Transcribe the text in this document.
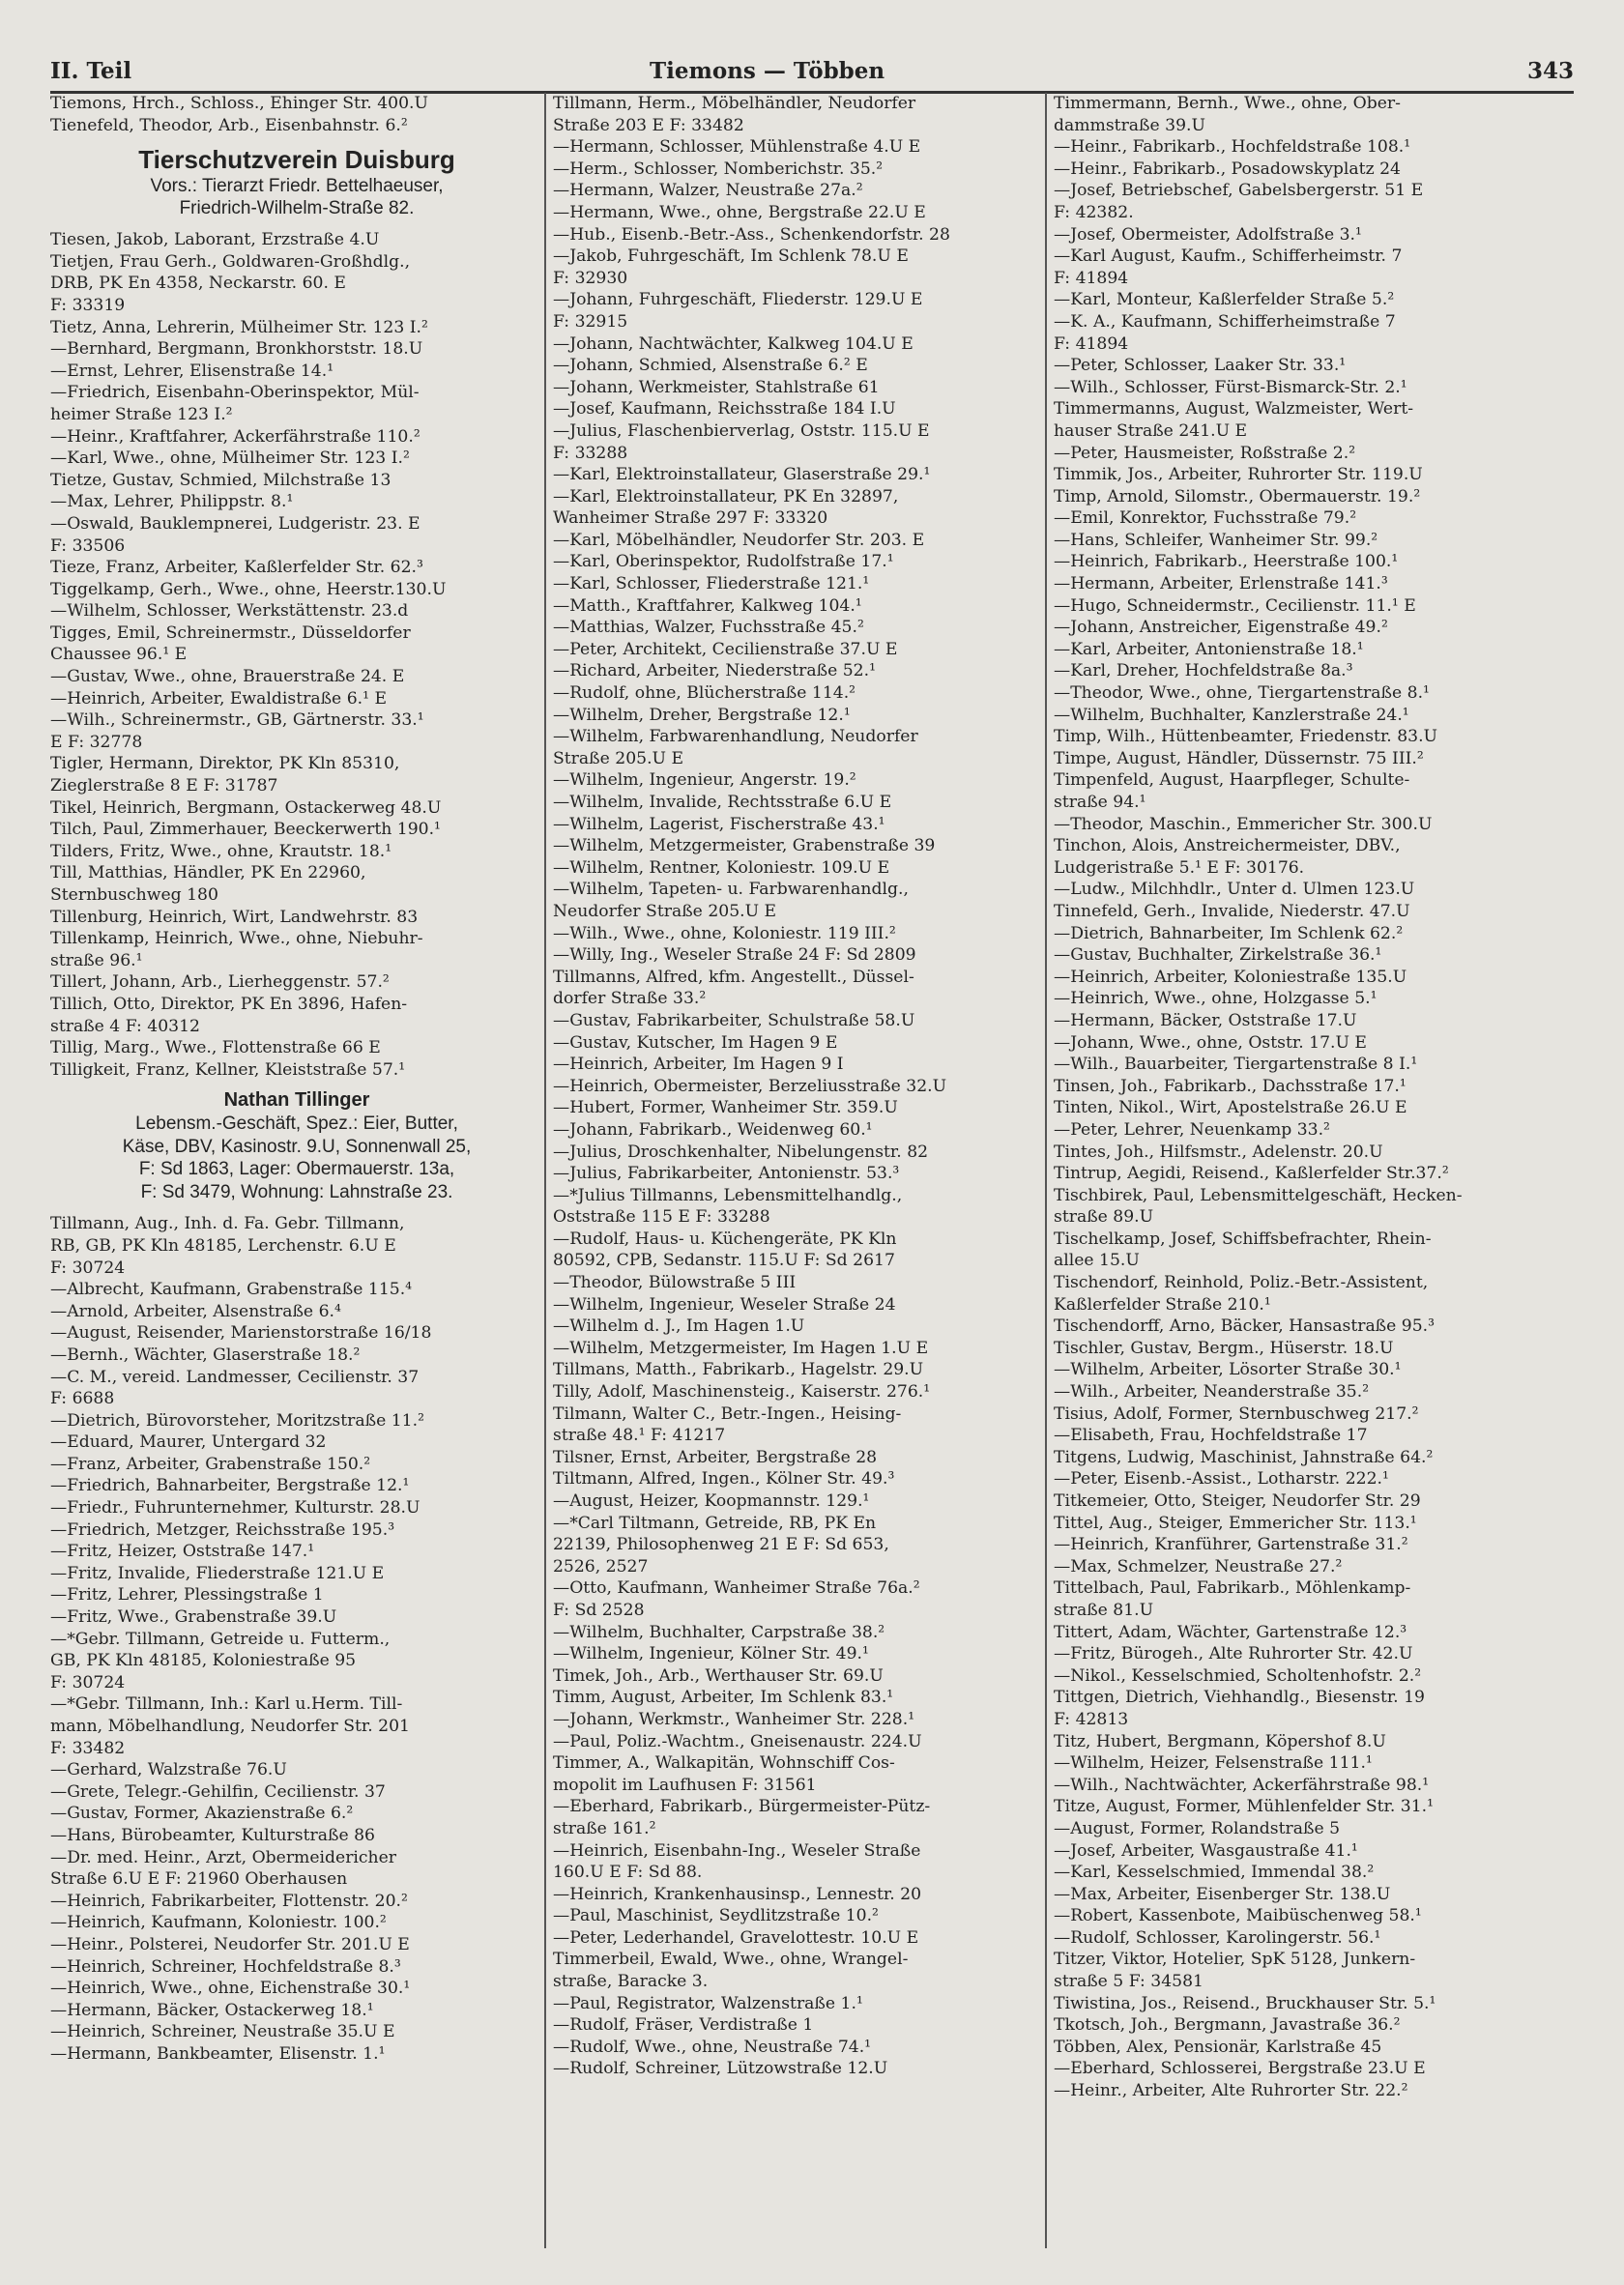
II. Teil	Tiemons — Többen	343
Tiemons, Hrch., Schloss., Ehinger Str. 400.U
Tienefeld, Theodor, Arb., Eisenbahnstr. 6.²
Tierschutzverein Duisburg
Vors.: Tierarzt Friedr. Bettelhaeuser,
Friedrich-Wilhelm-Straße 82.
Tiesen, Jakob, Laborant, Erzstraße 4.U
Tietjen, Frau Gerh., Goldwaren-Großhdlg.,
DRB, PK En 4358, Neckarstr. 60. E
F: 33319
Tietz, Anna, Lehrerin, Mülheimer Str. 123 I.²
—Bernhard, Bergmann, Bronkhorststr. 18.U
—Ernst, Lehrer, Elisenstraße 14.¹
—Friedrich, Eisenbahn-Oberinspektor, Mül-
heimer Straße 123 I.²
—Heinr., Kraftfahrer, Ackerfährstraße 110.²
—Karl, Wwe., ohne, Mülheimer Str. 123 I.²
Tietze, Gustav, Schmied, Milchstraße 13
—Max, Lehrer, Philippstr. 8.¹
—Oswald, Bauklempnerei, Ludgeristr. 23. E
F: 33506
Tieze, Franz, Arbeiter, Kaßlerfelder Str. 62.³
Tiggelkamp, Gerh., Wwe., ohne, Heerstr.130.U
—Wilhelm, Schlosser, Werkstättenstr. 23.d
Tigges, Emil, Schreinermstr., Düsseldorfer
Chaussee 96.¹ E
—Gustav, Wwe., ohne, Brauerstraße 24. E
—Heinrich, Arbeiter, Ewaldistraße 6.¹ E
—Wilh., Schreinermstr., GB, Gärtnerstr. 33.¹
E F: 32778
Tigler, Hermann, Direktor, PK Kln 85310,
Zieglerstraße 8 E F: 31787
Tikel, Heinrich, Bergmann, Ostackerweg 48.U
Tilch, Paul, Zimmerhauer, Beeckerwerth 190.¹
Tilders, Fritz, Wwe., ohne, Krautstr. 18.¹
Till, Matthias, Händler, PK En 22960,
Sternbuschweg 180
Tillenburg, Heinrich, Wirt, Landwehrstr. 83
Tillenkamp, Heinrich, Wwe., ohne, Niebuhr-
straße 96.¹
Tillert, Johann, Arb., Lierheggenstr. 57.²
Tillich, Otto, Direktor, PK En 3896, Hafen-
straße 4 F: 40312
Tillig, Marg., Wwe., Flottenstraße 66 E
Tilligkeit, Franz, Kellner, Kleiststraße 57.¹
Nathan Tillinger
Lebensm.-Geschäft, Spez.: Eier, Butter,
Käse, DBV, Kasinostr. 9.U, Sonnenwall 25,
F: Sd 1863, Lager: Obermauerstr. 13a,
F: Sd 3479, Wohnung: Lahnstraße 23.
Tillmann, Aug., Inh. d. Fa. Gebr. Tillmann,
RB, GB, PK Kln 48185, Lerchenstr. 6.U E
F: 30724
—Albrecht, Kaufmann, Grabenstraße 115.⁴
—Arnold, Arbeiter, Alsenstraße 6.⁴
—August, Reisender, Marienstorstraße 16/18
—Bernh., Wächter, Glaserstraße 18.²
—C. M., vereid. Landmesser, Cecilienstr. 37
F: 6688
—Dietrich, Bürovorsteher, Moritzstraße 11.²
—Eduard, Maurer, Untergard 32
—Franz, Arbeiter, Grabenstraße 150.²
—Friedrich, Bahnarbeiter, Bergstraße 12.¹
—Friedr., Fuhrunternehmer, Kulturstr. 28.U
—Friedrich, Metzger, Reichsstraße 195.³
—Fritz, Heizer, Oststraße 147.¹
—Fritz, Invalide, Fliederstraße 121.U E
—Fritz, Lehrer, Plessingstraße 1
—Fritz, Wwe., Grabenstraße 39.U
—*Gebr. Tillmann, Getreide u. Futterm.,
GB, PK Kln 48185, Koloniestraße 95
F: 30724
—*Gebr. Tillmann, Inh.: Karl u.Herm. Till-
mann, Möbelhandlung, Neudorfer Str. 201
F: 33482
—Gerhard, Walzstraße 76.U
—Grete, Telegr.-Gehilfin, Cecilienstr. 37
—Gustav, Former, Akazienstraße 6.²
—Hans, Bürobeamter, Kulturstraße 86
—Dr. med. Heinr., Arzt, Obermeidericher
Straße 6.U E F: 21960 Oberhausen
—Heinrich, Fabrikarbeiter, Flottenstr. 20.²
—Heinrich, Kaufmann, Koloniestr. 100.²
—Heinr., Polsterei, Neudorfer Str. 201.U E
—Heinrich, Schreiner, Hochfeldstraße 8.³
—Heinrich, Wwe., ohne, Eichenstraße 30.¹
—Hermann, Bäcker, Ostackerweg 18.¹
—Heinrich, Schreiner, Neustraße 35.U E
—Hermann, Bankbeamter, Elisenstr. 1.¹
Tillmann, Herm., Möbelhändler, Neudorfer
Straße 203 E F: 33482
—Hermann, Schlosser, Mühlenstraße 4.U E
—Herm., Schlosser, Nomberichstr. 35.²
—Hermann, Walzer, Neustraße 27a.²
—Hermann, Wwe., ohne, Bergstraße 22.U E
—Hub., Eisenb.-Betr.-Ass., Schenkendorfstr. 28
—Jakob, Fuhrgeschäft, Im Schlenk 78.U E
F: 32930
—Johann, Fuhrgeschäft, Fliederstr. 129.U E
F: 32915
—Johann, Nachtwächter, Kalkweg 104.U E
—Johann, Schmied, Alsenstraße 6.² E
—Johann, Werkmeister, Stahlstraße 61
—Josef, Kaufmann, Reichsstraße 184 I.U
—Julius, Flaschenbierverlag, Oststr. 115.U E
F: 33288
—Karl, Elektroinstallateur, Glaserstraße 29.¹
—Karl, Elektroinstallateur, PK En 32897,
Wanheimer Straße 297 F: 33320
—Karl, Möbelhändler, Neudorfer Str. 203. E
—Karl, Oberinspektor, Rudolfstraße 17.¹
—Karl, Schlosser, Fliederstraße 121.¹
—Matth., Kraftfahrer, Kalkweg 104.¹
—Matthias, Walzer, Fuchsstraße 45.²
—Peter, Architekt, Cecilienstraße 37.U E
—Richard, Arbeiter, Niederstraße 52.¹
—Rudolf, ohne, Blücherstraße 114.²
—Wilhelm, Dreher, Bergstraße 12.¹
—Wilhelm, Farbwarenhandlung, Neudorfer
Straße 205.U E
—Wilhelm, Ingenieur, Angerstr. 19.²
—Wilhelm, Invalide, Rechtsstraße 6.U E
—Wilhelm, Lagerist, Fischerstraße 43.¹
—Wilhelm, Metzgermeister, Grabenstraße 39
—Wilhelm, Rentner, Koloniestr. 109.U E
—Wilhelm, Tapeten- u. Farbwarenhandlg.,
Neudorfer Straße 205.U E
—Wilh., Wwe., ohne, Koloniestr. 119 III.²
—Willy, Ing., Weseler Straße 24 F: Sd 2809
Tillmanns, Alfred, kfm. Angestellt., Düssel-
dorfer Straße 33.²
—Gustav, Fabrikarbeiter, Schulstraße 58.U
—Gustav, Kutscher, Im Hagen 9 E
—Heinrich, Arbeiter, Im Hagen 9 I
—Heinrich, Obermeister, Berzeliusstraße 32.U
—Hubert, Former, Wanheimer Str. 359.U
—Johann, Fabrikarb., Weidenweg 60.¹
—Julius, Droschkenhalter, Nibelungenstr. 82
—Julius, Fabrikarbeiter, Antonienstr. 53.³
—*Julius Tillmanns, Lebensmittelhandlg.,
Oststraße 115 E F: 33288
—Rudolf, Haus- u. Küchengeräte, PK Kln
80592, CPB, Sedanstr. 115.U F: Sd 2617
—Theodor, Bülowstraße 5 III
—Wilhelm, Ingenieur, Weseler Straße 24
—Wilhelm d. J., Im Hagen 1.U
—Wilhelm, Metzgermeister, Im Hagen 1.U E
Tillmans, Matth., Fabrikarb., Hagelstr. 29.U
Tilly, Adolf, Maschinensteig., Kaiserstr. 276.¹
Tilmann, Walter C., Betr.-Ingen., Heising-
straße 48.¹ F: 41217
Tilsner, Ernst, Arbeiter, Bergstraße 28
Tiltmann, Alfred, Ingen., Kölner Str. 49.³
—August, Heizer, Koopmannstr. 129.¹
—*Carl Tiltmann, Getreide, RB, PK En
22139, Philosophenweg 21 E F: Sd 653,
2526, 2527
—Otto, Kaufmann, Wanheimer Straße 76a.²
F: Sd 2528
—Wilhelm, Buchhalter, Carpstraße 38.²
—Wilhelm, Ingenieur, Kölner Str. 49.¹
Timek, Joh., Arb., Werthauser Str. 69.U
Timm, August, Arbeiter, Im Schlenk 83.¹
—Johann, Werkmstr., Wanheimer Str. 228.¹
—Paul, Poliz.-Wachtm., Gneisenaustr. 224.U
Timmer, A., Walkapitän, Wohnschiff Cos-
mopolit im Laufhusen F: 31561
—Eberhard, Fabrikarb., Bürgermeister-Pütz-
straße 161.²
—Heinrich, Eisenbahn-Ing., Weseler Straße
160.U E F: Sd 88.
—Heinrich, Krankenhausinsp., Lennestr. 20
—Paul, Maschinist, Seydlitzstraße 10.²
—Peter, Lederhandel, Gravelottestr. 10.U E
Timmerbeil, Ewald, Wwe., ohne, Wrangel-
straße, Baracke 3.
—Paul, Registrator, Walzenstraße 1.¹
—Rudolf, Fräser, Verdistraße 1
—Rudolf, Wwe., ohne, Neustraße 74.¹
—Rudolf, Schreiner, Lützowstraße 12.U
Timmermann, Bernh., Wwe., ohne, Ober-
dammstraße 39.U
—Heinr., Fabrikarb., Hochfeldstraße 108.¹
—Heinr., Fabrikarb., Posadowskyplatz 24
—Josef, Betriebschef, Gabelsbergerstr. 51 E
F: 42382.
—Josef, Obermeister, Adolfstraße 3.¹
—Karl August, Kaufm., Schifferheimstr. 7
F: 41894
—Karl, Monteur, Kaßlerfelder Straße 5.²
—K. A., Kaufmann, Schifferheimstraße 7
F: 41894
—Peter, Schlosser, Laaker Str. 33.¹
—Wilh., Schlosser, Fürst-Bismarck-Str. 2.¹
Timmermanns, August, Walzmeister, Wert-
hauser Straße 241.U E
—Peter, Hausmeister, Roßstraße 2.²
Timmik, Jos., Arbeiter, Ruhrorter Str. 119.U
Timp, Arnold, Silomstr., Obermauerstr. 19.²
—Emil, Konrektor, Fuchsstraße 79.²
—Hans, Schleifer, Wanheimer Str. 99.²
—Heinrich, Fabrikarb., Heerstraße 100.¹
—Hermann, Arbeiter, Erlenstraße 141.³
—Hugo, Schneidermstr., Cecilienstr. 11.¹ E
—Johann, Anstreicher, Eigenstraße 49.²
—Karl, Arbeiter, Antonienstraße 18.¹
—Karl, Dreher, Hochfeldstraße 8a.³
—Theodor, Wwe., ohne, Tiergartenstraße 8.¹
—Wilhelm, Buchhalter, Kanzlerstraße 24.¹
Timp, Wilh., Hüttenbeamter, Friedenstr. 83.U
Timpe, August, Händler, Düssernstr. 75 III.²
Timpenfeld, August, Haarpfleger, Schulte-
straße 94.¹
—Theodor, Maschin., Emmericher Str. 300.U
Tinchon, Alois, Anstreichermeister, DBV.,
Ludgeristraße 5.¹ E F: 30176.
—Ludw., Milchhdlr., Unter d. Ulmen 123.U
Tinnefeld, Gerh., Invalide, Niederstr. 47.U
—Dietrich, Bahnarbeiter, Im Schlenk 62.²
—Gustav, Buchhalter, Zirkelstraße 36.¹
—Heinrich, Arbeiter, Koloniestraße 135.U
—Heinrich, Wwe., ohne, Holzgasse 5.¹
—Hermann, Bäcker, Oststraße 17.U
—Johann, Wwe., ohne, Oststr. 17.U E
—Wilh., Bauarbeiter, Tiergartenstraße 8 I.¹
Tinsen, Joh., Fabrikarb., Dachsstraße 17.¹
Tinten, Nikol., Wirt, Apostelstraße 26.U E
—Peter, Lehrer, Neuenkamp 33.²
Tintes, Joh., Hilfsmstr., Adelenstr. 20.U
Tintrup, Aegidi, Reisend., Kaßlerfelder Str.37.²
Tischbirek, Paul, Lebensmittelgeschäft, Hecken-
straße 89.U
Tischelkamp, Josef, Schiffsbefrachter, Rhein-
allee 15.U
Tischendorf, Reinhold, Poliz.-Betr.-Assistent,
Kaßlerfelder Straße 210.¹
Tischendorff, Arno, Bäcker, Hansastraße 95.³
Tischler, Gustav, Bergm., Hüserstr. 18.U
—Wilhelm, Arbeiter, Lösorter Straße 30.¹
—Wilh., Arbeiter, Neanderstraße 35.²
Tisius, Adolf, Former, Sternbuschweg 217.²
—Elisabeth, Frau, Hochfeldstraße 17
Titgens, Ludwig, Maschinist, Jahnstraße 64.²
—Peter, Eisenb.-Assist., Lotharstr. 222.¹
Titkemeier, Otto, Steiger, Neudorfer Str. 29
Tittel, Aug., Steiger, Emmericher Str. 113.¹
—Heinrich, Kranführer, Gartenstraße 31.²
—Max, Schmelzer, Neustraße 27.²
Tittelbach, Paul, Fabrikarb., Möhlenkamp-
straße 81.U
Tittert, Adam, Wächter, Gartenstraße 12.³
—Fritz, Bürogeh., Alte Ruhrorter Str. 42.U
—Nikol., Kesselschmied, Scholtenhofstr. 2.²
Tittgen, Dietrich, Viehhandlg., Biesenstr. 19
F: 42813
Titz, Hubert, Bergmann, Köpershof 8.U
—Wilhelm, Heizer, Felsenstraße 111.¹
—Wilh., Nachtwächter, Ackerfährstraße 98.¹
Titze, August, Former, Mühlenfelder Str. 31.¹
—August, Former, Rolandstraße 5
—Josef, Arbeiter, Wasgaustraße 41.¹
—Karl, Kesselschmied, Immendal 38.²
—Max, Arbeiter, Eisenberger Str. 138.U
—Robert, Kassenbote, Maibüschenweg 58.¹
—Rudolf, Schlosser, Karolingerstr. 56.¹
Titzer, Viktor, Hotelier, SpK 5128, Junkern-
straße 5 F: 34581
Tiwistina, Jos., Reisend., Bruckhauser Str. 5.¹
Tkotsch, Joh., Bergmann, Javastraße 36.²
Többen, Alex, Pensionär, Karlstraße 45
—Eberhard, Schlosserei, Bergstraße 23.U E
—Heinr., Arbeiter, Alte Ruhrorter Str. 22.²
